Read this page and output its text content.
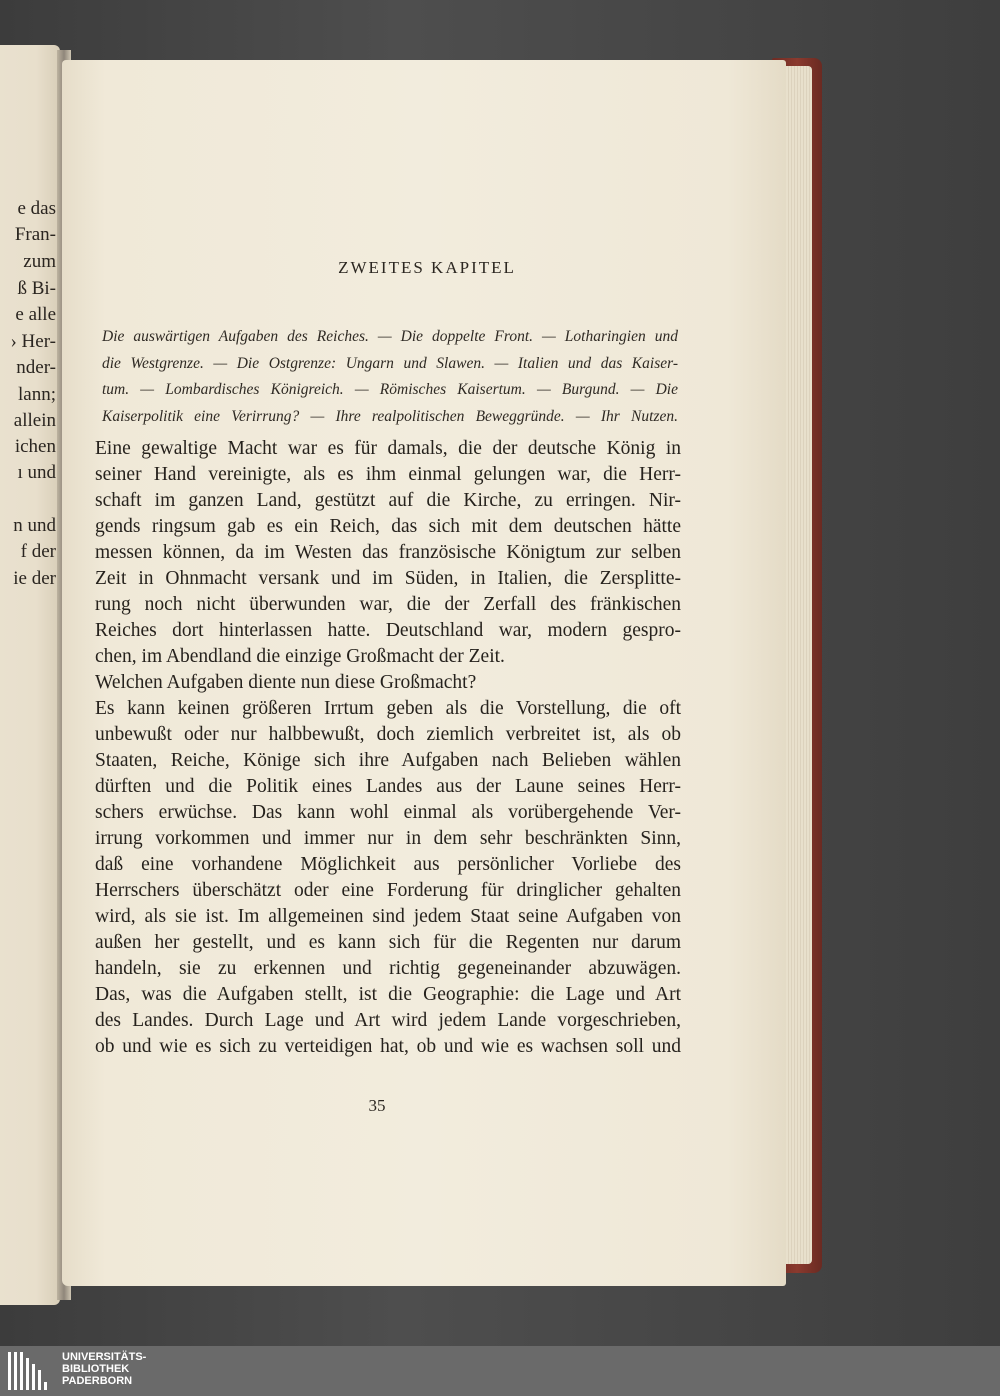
e das
Fran-
zum
ß Bi-
e alle
› Her-
nder-
lann;
allein
ichen
ı und
n und
f der
ie der
ZWEITES KAPITEL
Die auswärtigen Aufgaben des Reiches. — Die doppelte Front. — Lotharingien und
die Westgrenze. — Die Ostgrenze: Ungarn und Slawen. — Italien und das Kaiser-
tum. — Lombardisches Königreich. — Römisches Kaisertum. — Burgund. — Die
Kaiserpolitik eine Verirrung? — Ihre realpolitischen Beweggründe. — Ihr Nutzen.
Eine gewaltige Macht war es für damals, die der deutsche König in
seiner Hand vereinigte, als es ihm einmal gelungen war, die Herr-
schaft im ganzen Land, gestützt auf die Kirche, zu erringen. Nir-
gends ringsum gab es ein Reich, das sich mit dem deutschen hätte
messen können, da im Westen das französische Königtum zur selben
Zeit in Ohnmacht versank und im Süden, in Italien, die Zersplitte-
rung noch nicht überwunden war, die der Zerfall des fränkischen
Reiches dort hinterlassen hatte. Deutschland war, modern gespro-
chen, im Abendland die einzige Großmacht der Zeit.
Welchen Aufgaben diente nun diese Großmacht?
Es kann keinen größeren Irrtum geben als die Vorstellung, die oft
unbewußt oder nur halbbewußt, doch ziemlich verbreitet ist, als ob
Staaten, Reiche, Könige sich ihre Aufgaben nach Belieben wählen
dürften und die Politik eines Landes aus der Laune seines Herr-
schers erwüchse. Das kann wohl einmal als vorübergehende Ver-
irrung vorkommen und immer nur in dem sehr beschränkten Sinn,
daß eine vorhandene Möglichkeit aus persönlicher Vorliebe des
Herrschers überschätzt oder eine Forderung für dringlicher gehalten
wird, als sie ist. Im allgemeinen sind jedem Staat seine Aufgaben von
außen her gestellt, und es kann sich für die Regenten nur darum
handeln, sie zu erkennen und richtig gegeneinander abzuwägen.
Das, was die Aufgaben stellt, ist die Geographie: die Lage und Art
des Landes. Durch Lage und Art wird jedem Lande vorgeschrieben,
ob und wie es sich zu verteidigen hat, ob und wie es wachsen soll und
35
UNIVERSITÄTS-
BIBLIOTHEK
PADERBORN
